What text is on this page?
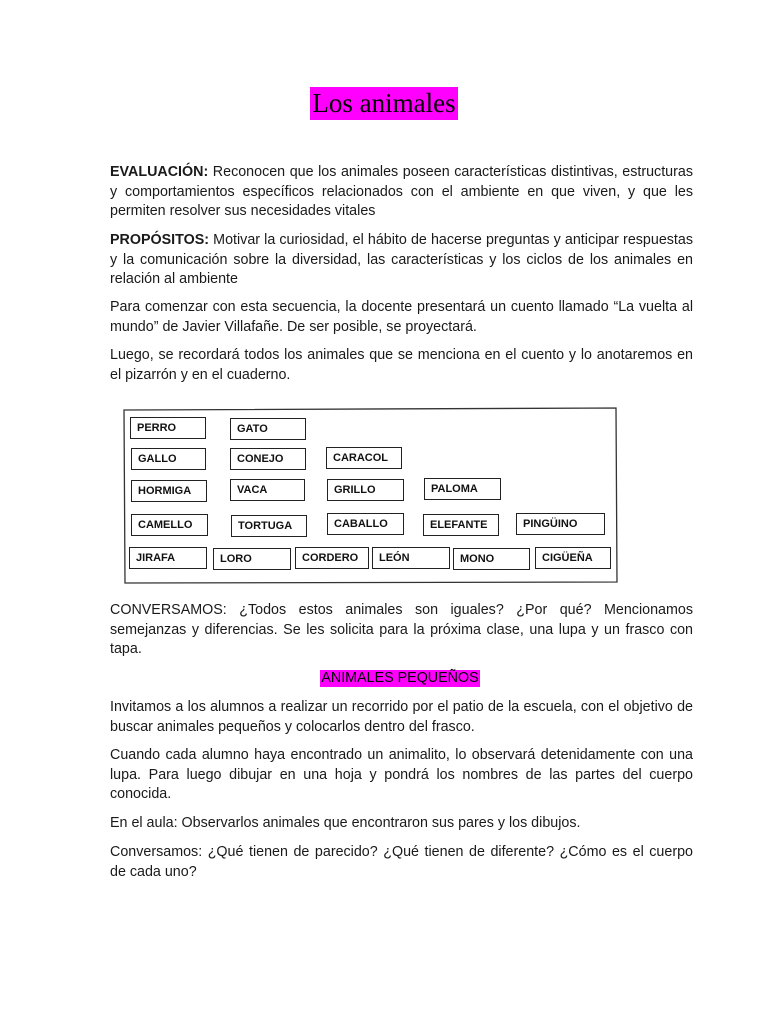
Los animales

EVALUACIÓN: Reconocen que los animales poseen características distintivas, estructuras y comportamientos específicos relacionados con el ambiente en que viven, y que les permiten resolver sus necesidades vitales

PROPÓSITOS: Motivar la curiosidad, el hábito de hacerse preguntas y anticipar respuestas y la comunicación sobre la diversidad, las características y los ciclos de los animales en relación al ambiente

Para comenzar con esta secuencia, la docente presentará un cuento llamado “La vuelta al mundo” de Javier Villafañe. De ser posible, se proyectará.

Luego, se recordará todos los animales que se menciona en el cuento y lo anotaremos en el pizarrón y en el cuaderno.

PERRO	GATO
GALLO	CONEJO	CARACOL
HORMIGA	VACA	GRILLO	PALOMA
CAMELLO	TORTUGA	CABALLO	ELEFANTE	PINGÜINO
JIRAFA	LORO	CORDERO	LEÓN	MONO	CIGÜEÑA

CONVERSAMOS: ¿Todos estos animales son iguales? ¿Por qué? Mencionamos semejanzas y diferencias. Se les solicita para la próxima clase, una lupa y un frasco con tapa.

ANIMALES PEQUEÑOS

Invitamos a los alumnos a realizar un recorrido por el patio de la escuela, con el objetivo de buscar animales pequeños y colocarlos dentro del frasco.

Cuando cada alumno haya encontrado un animalito, lo observará detenidamente con una lupa. Para luego dibujar en una hoja y pondrá los nombres de las partes del cuerpo conocida.

En el aula: Observarlos animales que encontraron sus pares y los dibujos.

Conversamos: ¿Qué tienen de parecido? ¿Qué tienen de diferente? ¿Cómo es el cuerpo de cada uno?
